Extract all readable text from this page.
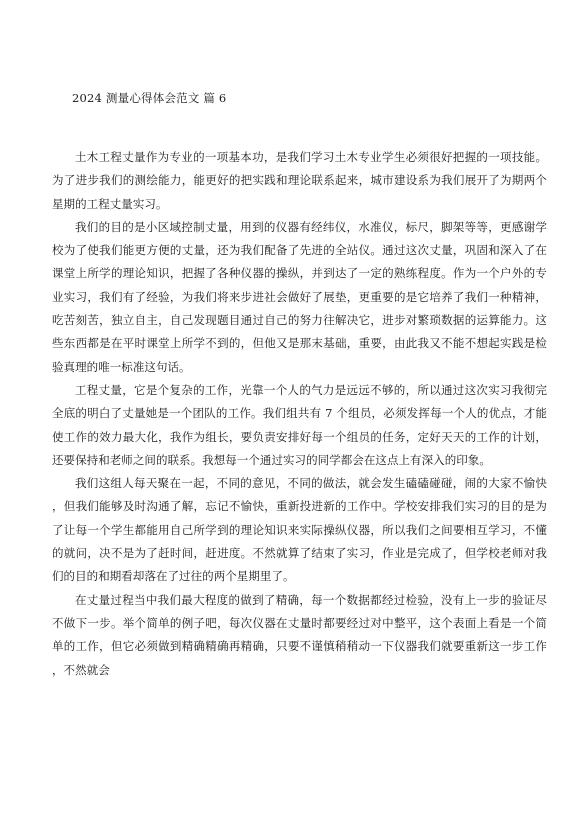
2024 测量心得体会范文 篇 6

土木工程丈量作为专业的一项基本功，是我们学习土木专业学生必须很好把握的一项技能。为了进步我们的测绘能力，能更好的把实践和理论联系起来，城市建设系为我们展开了为期两个星期的工程丈量实习。

我们的目的是小区域控制丈量，用到的仪器有经纬仪，水准仪，标尺，脚架等等，更感谢学校为了使我们能更方便的丈量，还为我们配备了先进的全站仪。通过这次丈量，巩固和深入了在课堂上所学的理论知识，把握了各种仪器的操纵，并到达了一定的熟练程度。作为一个户外的专业实习，我们有了经验，为我们将来步进社会做好了展垫，更重要的是它培养了我们一种精神，吃苦刻苦，独立自主，自己发现题目通过自己的努力往解决它，进步对繁琐数据的运算能力。这些东西都是在平时课堂上所学不到的，但他又是那末基础，重要，由此我又不能不想起实践是检验真理的唯一标准这句话。

工程丈量，它是个复杂的工作，光靠一个人的气力是远远不够的，所以通过这次实习我彻完全底的明白了丈量她是一个团队的工作。我们组共有 7 个组员，必须发挥每一个人的优点，才能使工作的效力最大化，我作为组长，要负责安排好每一个组员的任务，定好天天的工作的计划，还要保持和老师之间的联系。我想每一个通过实习的同学都会在这点上有深入的印象。

我们这组人每天聚在一起，不同的意见，不同的做法，就会发生磕磕碰碰，闹的大家不愉快，但我们能够及时沟通了解，忘记不愉快，重新投进新的工作中。学校安排我们实习的目的是为了让每一个学生都能用自己所学到的理论知识来实际操纵仪器，所以我们之间要相互学习，不懂的就问，决不是为了赶时间，赶进度。不然就算了结束了实习，作业是完成了，但学校老师对我们的目的和期看却落在了过往的两个星期里了。

在丈量过程当中我们最大程度的做到了精确，每一个数据都经过检验，没有上一步的验证尽不做下一步。举个简单的例子吧，每次仪器在丈量时都要经过对中整平，这个表面上看是一个简单的工作，但它必须做到精确精确再精确，只要不谨慎稍稍动一下仪器我们就要重新这一步工作，不然就会
